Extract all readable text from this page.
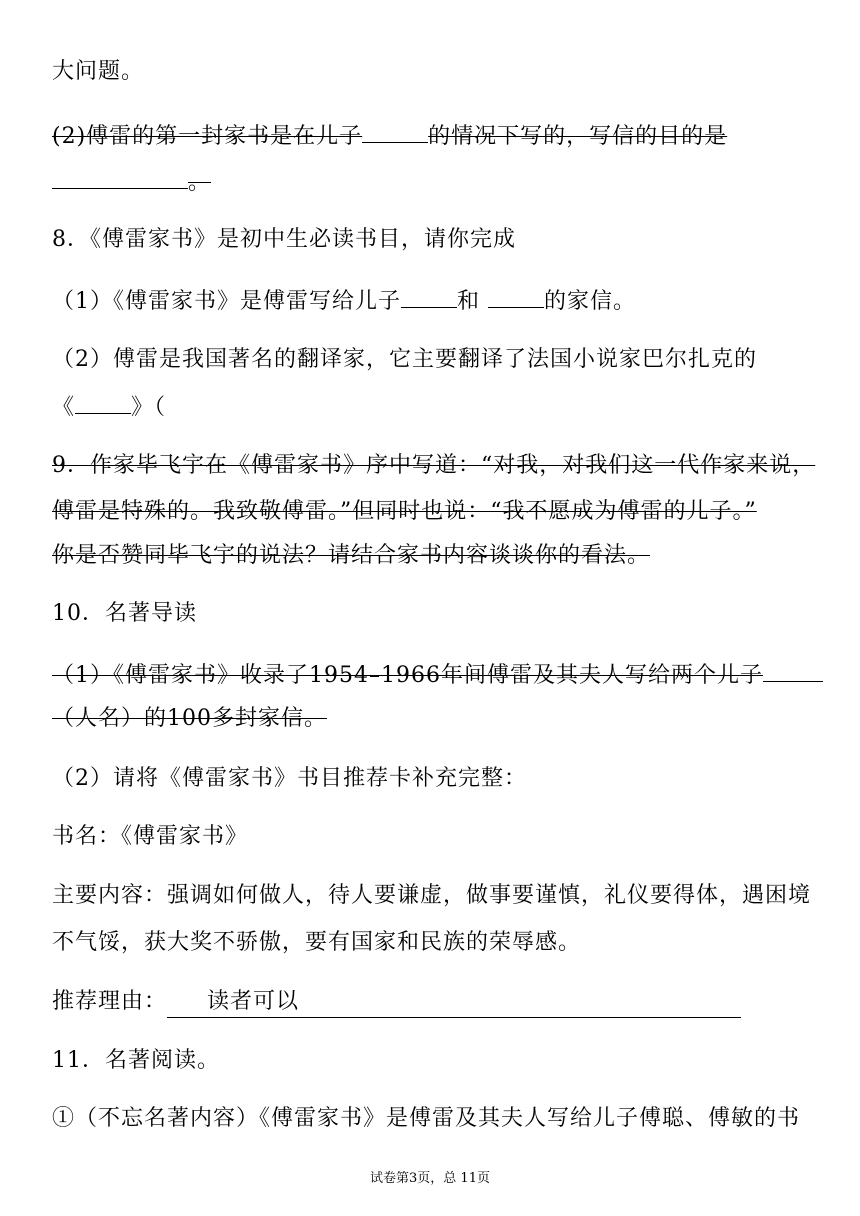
大问题。
(2)傅雷的第一封家书是在儿子	的情况下写的，写信的目的是
。
8．《傅雷家书》是初中生必读书目，请你完成
（1）《傅雷家书》是傅雷写给儿子	和	的家信。
（2）傅雷是我国著名的翻译家，它主要翻译了法国小说家巴尔扎克的
《	》（
9．作家毕飞宇在《傅雷家书》序中写道：“对我，对我们这一代作家来说，
傅雷是特殊的。我致敬傅雷。”但同时也说：“我不愿成为傅雷的儿子。”
你是否赞同毕飞宇的说法？请结合家书内容谈谈你的看法。
10．名著导读
（1）《傅雷家书》收录了1954–1966年间傅雷及其夫人写给两个儿子
（人名）的100多封家信。
（2）请将《傅雷家书》书目推荐卡补充完整：
书名：《傅雷家书》
主要内容：强调如何做人，待人要谦虚，做事要谨慎，礼仪要得体，遇困境
不气馁，获大奖不骄傲，要有国家和民族的荣辱感。
推荐理由： 读者可以
11．名著阅读。
①（不忘名著内容）《傅雷家书》是傅雷及其夫人写给儿子傅聪、傅敏的书
试卷第3页，总 11页
